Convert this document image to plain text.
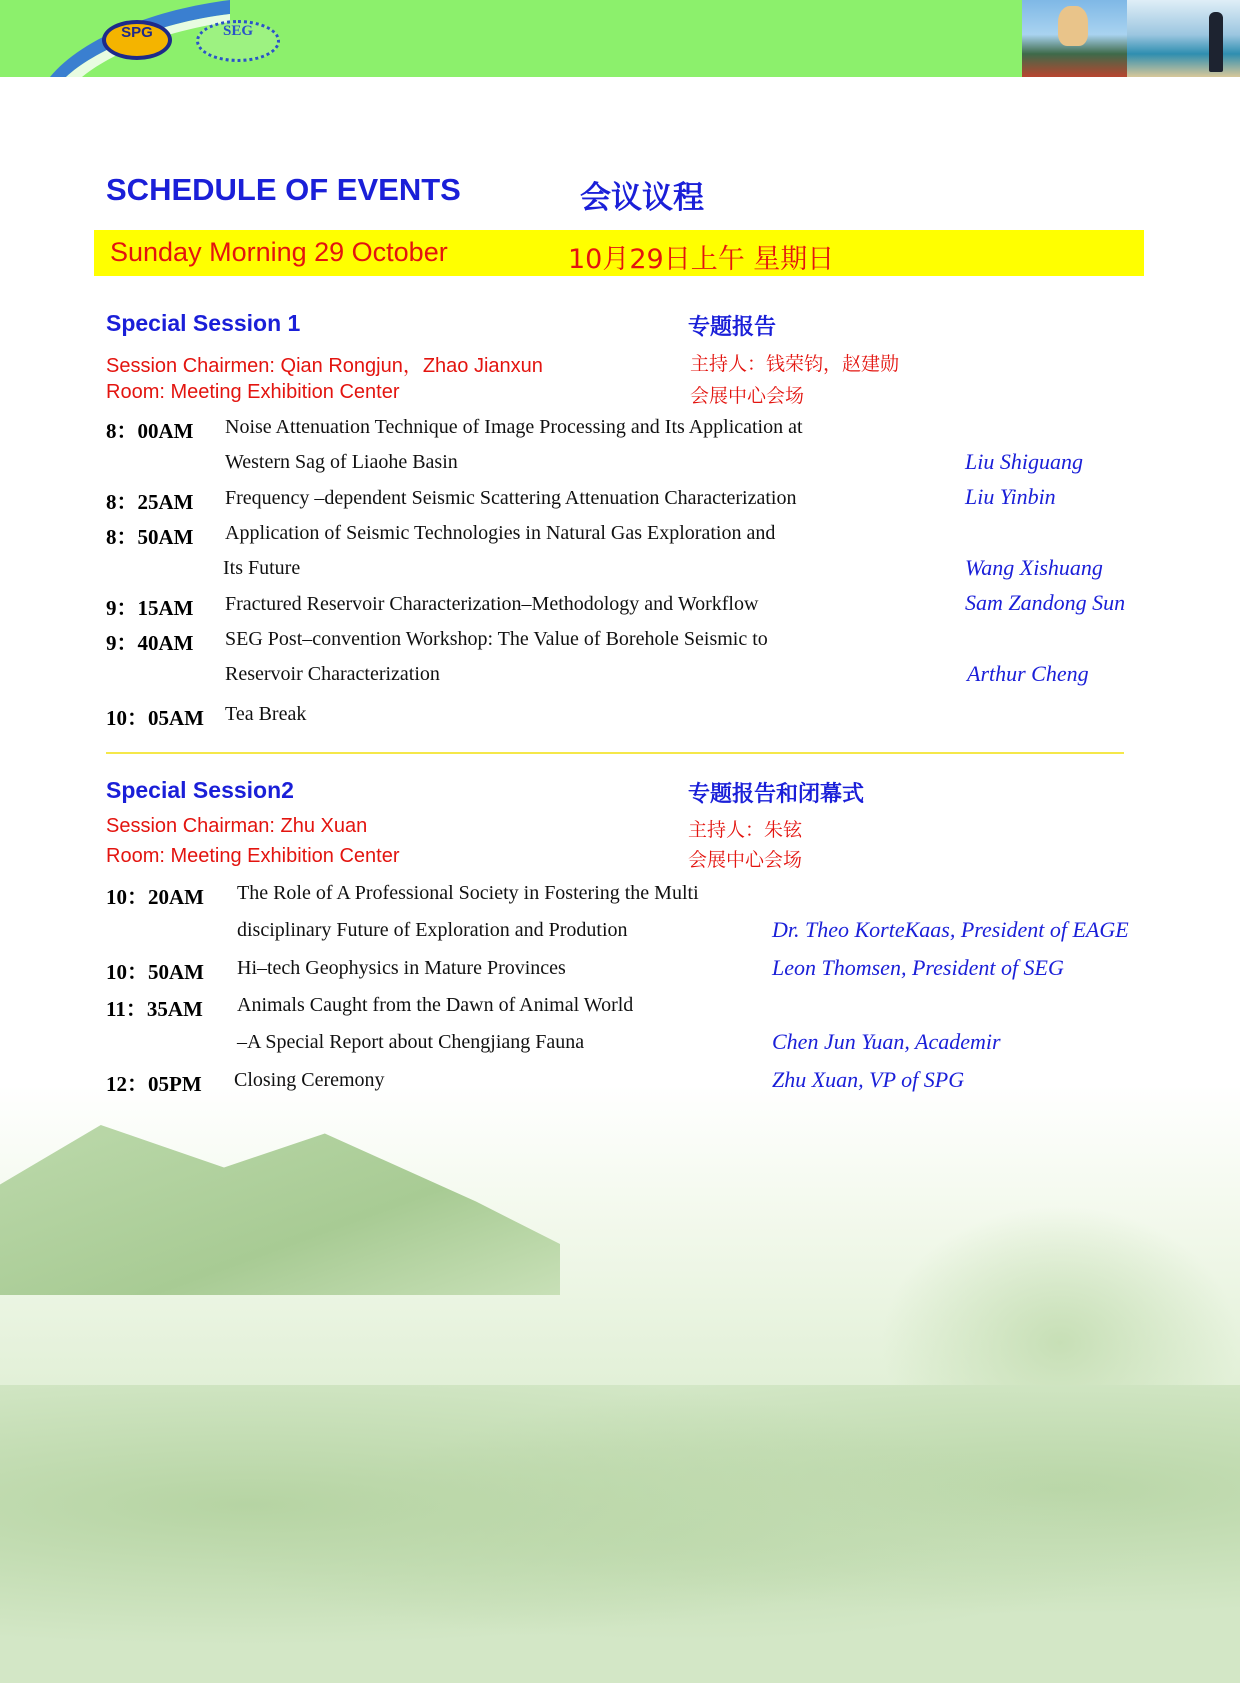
SPG	SEG
SCHEDULE OF EVENTS	会议议程
Sunday Morning 29 October	10月29日上午 星期日
Special Session 1	专题报告
Session Chairmen: Qian Rongjun，Zhao Jianxun	主持人：钱荣钧，赵建勋
Room: Meeting Exhibition Center	会展中心会场
8：00AM Noise Attenuation Technique of Image Processing and Its Application at
Western Sag of Liaohe Basin	Liu Shiguang
8：25AM Frequency –dependent Seismic Scattering Attenuation Characterization	Liu Yinbin
8：50AM Application of Seismic Technologies in Natural Gas Exploration and
Its Future	Wang Xishuang
9：15AM Fractured Reservoir Characterization–Methodology and Workflow	Sam Zandong Sun
9：40AM SEG Post–convention Workshop: The Value of Borehole Seismic to
Reservoir Characterization	Arthur Cheng
10：05AM Tea Break
Special Session2	专题报告和闭幕式
Session Chairman: Zhu Xuan	主持人：朱铉
Room: Meeting Exhibition Center	会展中心会场
10：20AM The Role of A Professional Society in Fostering the Multi
disciplinary Future of Exploration and Prodution	Dr. Theo KorteKaas, President of EAGE
10：50AM Hi–tech Geophysics in Mature Provinces	Leon Thomsen, President of SEG
11：35AM Animals Caught from the Dawn of Animal World
–A Special Report about Chengjiang Fauna	Chen Jun Yuan, Academir
12：05PM Closing Ceremony	Zhu Xuan, VP of SPG
